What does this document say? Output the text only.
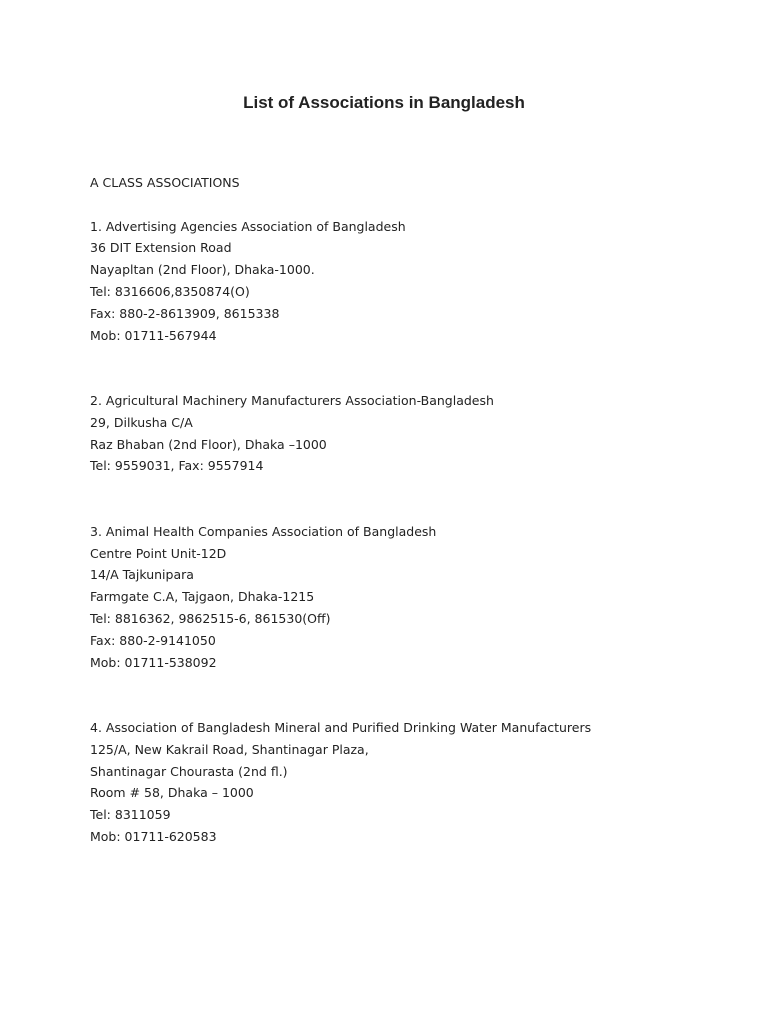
List of Associations in Bangladesh
A CLASS ASSOCIATIONS
1. Advertising Agencies Association of Bangladesh
36 DIT Extension Road
Nayapltan (2nd Floor), Dhaka-1000.
Tel: 8316606,8350874(O)
Fax: 880-2-8613909, 8615338
Mob: 01711-567944
2. Agricultural Machinery Manufacturers Association-Bangladesh
29, Dilkusha C/A
Raz Bhaban (2nd Floor), Dhaka –1000
Tel: 9559031, Fax: 9557914
3. Animal Health Companies Association of Bangladesh
Centre Point Unit-12D
14/A Tajkunipara
Farmgate C.A, Tajgaon, Dhaka-1215
Tel: 8816362, 9862515-6, 861530(Off)
Fax: 880-2-9141050
Mob: 01711-538092
4. Association of Bangladesh Mineral and Purified Drinking Water Manufacturers
125/A, New Kakrail Road, Shantinagar Plaza,
Shantinagar Chourasta (2nd fl.)
Room # 58, Dhaka – 1000
Tel: 8311059
Mob: 01711-620583
